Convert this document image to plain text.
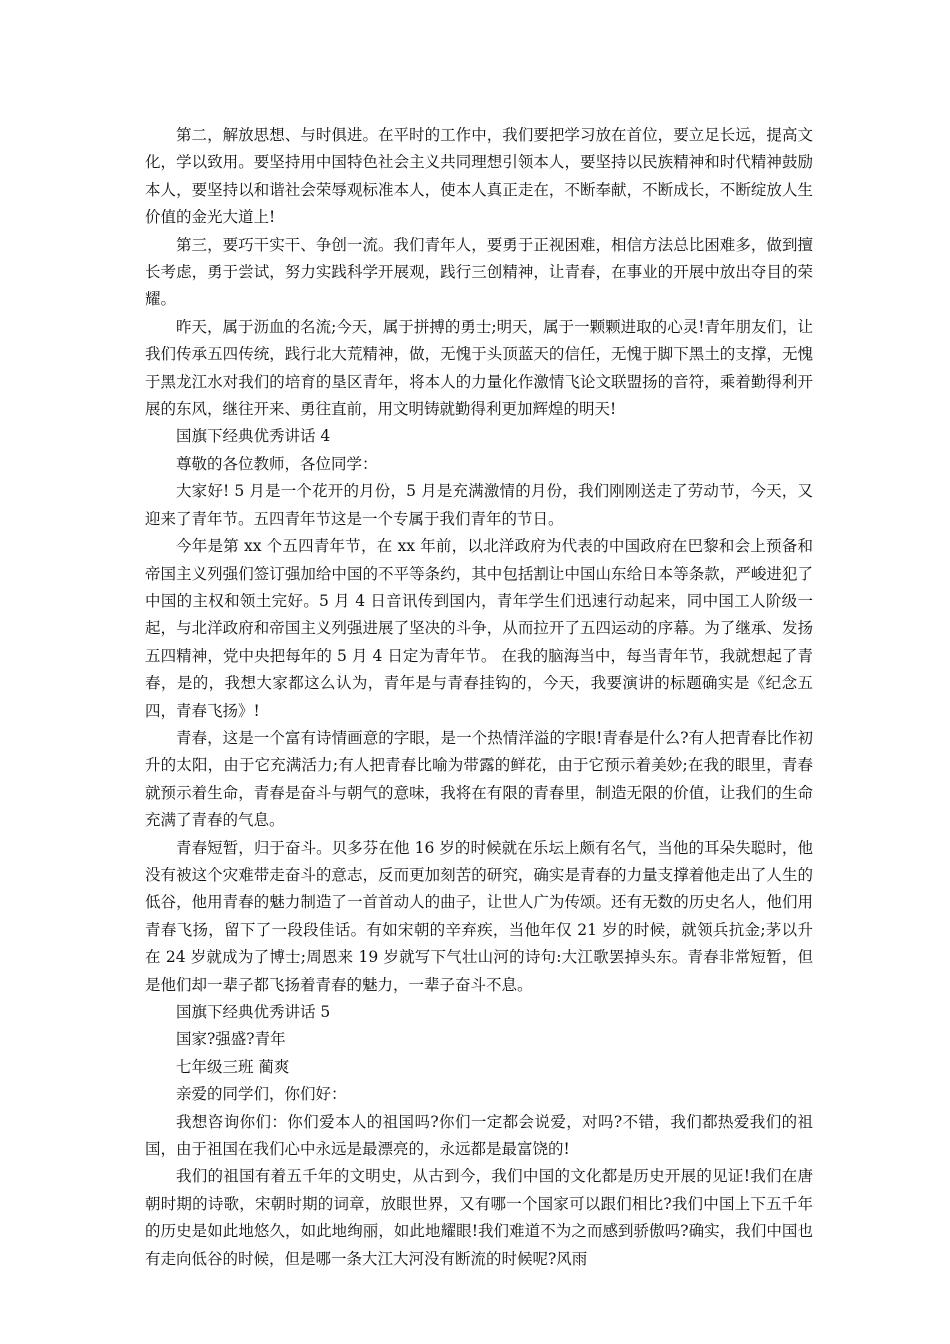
第二，解放思想、与时俱进。在平时的工作中，我们要把学习放在首位，要立足长远，提高文化，学以致用。要坚持用中国特色社会主义共同理想引领本人，要坚持以民族精神和时代精神鼓励本人，要坚持以和谐社会荣辱观标准本人，使本人真正走在，不断奉献，不断成长，不断绽放人生价值的金光大道上!

第三，要巧干实干、争创一流。我们青年人，要勇于正视困难，相信方法总比困难多，做到擅长考虑，勇于尝试，努力实践科学开展观，践行三创精神，让青春，在事业的开展中放出夺目的荣耀。

昨天，属于沥血的名流;今天，属于拼搏的勇士;明天，属于一颗颗进取的心灵!青年朋友们，让我们传承五四传统，践行北大荒精神，做，无愧于头顶蓝天的信任，无愧于脚下黑土的支撑，无愧于黑龙江水对我们的培育的垦区青年，将本人的力量化作激情飞论文联盟扬的音符，乘着勤得利开展的东风，继往开来、勇往直前，用文明铸就勤得利更加辉煌的明天!

国旗下经典优秀讲话 4

尊敬的各位教师，各位同学：

大家好! 5 月是一个花开的月份，5 月是充满激情的月份，我们刚刚送走了劳动节，今天，又迎来了青年节。五四青年节这是一个专属于我们青年的节日。

今年是第 xx 个五四青年节，在 xx 年前，以北洋政府为代表的中国政府在巴黎和会上预备和帝国主义列强们签订强加给中国的不平等条约，其中包括割让中国山东给日本等条款，严峻进犯了中国的主权和领土完好。5 月 4 日音讯传到国内，青年学生们迅速行动起来，同中国工人阶级一起，与北洋政府和帝国主义列强进展了坚决的斗争，从而拉开了五四运动的序幕。为了继承、发扬五四精神，党中央把每年的 5 月 4 日定为青年节。 在我的脑海当中，每当青年节，我就想起了青春，是的，我想大家都这么认为，青年是与青春挂钩的，今天，我要演讲的标题确实是《纪念五四，青春飞扬》!

青春，这是一个富有诗情画意的字眼，是一个热情洋溢的字眼!青春是什么?有人把青春比作初升的太阳，由于它充满活力;有人把青春比喻为带露的鲜花，由于它预示着美妙;在我的眼里，青春就预示着生命，青春是奋斗与朝气的意味，我将在有限的青春里，制造无限的价值，让我们的生命充满了青春的气息。

青春短暂，归于奋斗。贝多芬在他 16 岁的时候就在乐坛上颇有名气，当他的耳朵失聪时，他没有被这个灾难带走奋斗的意志，反而更加刻苦的研究，确实是青春的力量支撑着他走出了人生的低谷，他用青春的魅力制造了一首首动人的曲子，让世人广为传颂。还有无数的历史名人，他们用青春飞扬，留下了一段段佳话。有如宋朝的辛弃疾，当他年仅 21 岁的时候，就领兵抗金;茅以升在 24 岁就成为了博士;周恩来 19 岁就写下气壮山河的诗句:大江歌罢掉头东。青春非常短暂，但是他们却一辈子都飞扬着青春的魅力，一辈子奋斗不息。

国旗下经典优秀讲话 5

国家?强盛?青年

七年级三班 蔺爽

亲爱的同学们，你们好：

我想咨询你们：你们爱本人的祖国吗?你们一定都会说爱，对吗?不错，我们都热爱我们的祖国，由于祖国在我们心中永远是最漂亮的，永远都是最富饶的!

我们的祖国有着五千年的文明史，从古到今，我们中国的文化都是历史开展的见证!我们在唐朝时期的诗歌，宋朝时期的词章，放眼世界，又有哪一个国家可以跟们相比?我们中国上下五千年的历史是如此地悠久，如此地绚丽，如此地耀眼!我们难道不为之而感到骄傲吗?确实，我们中国也有走向低谷的时候，但是哪一条大江大河没有断流的时候呢?风雨
